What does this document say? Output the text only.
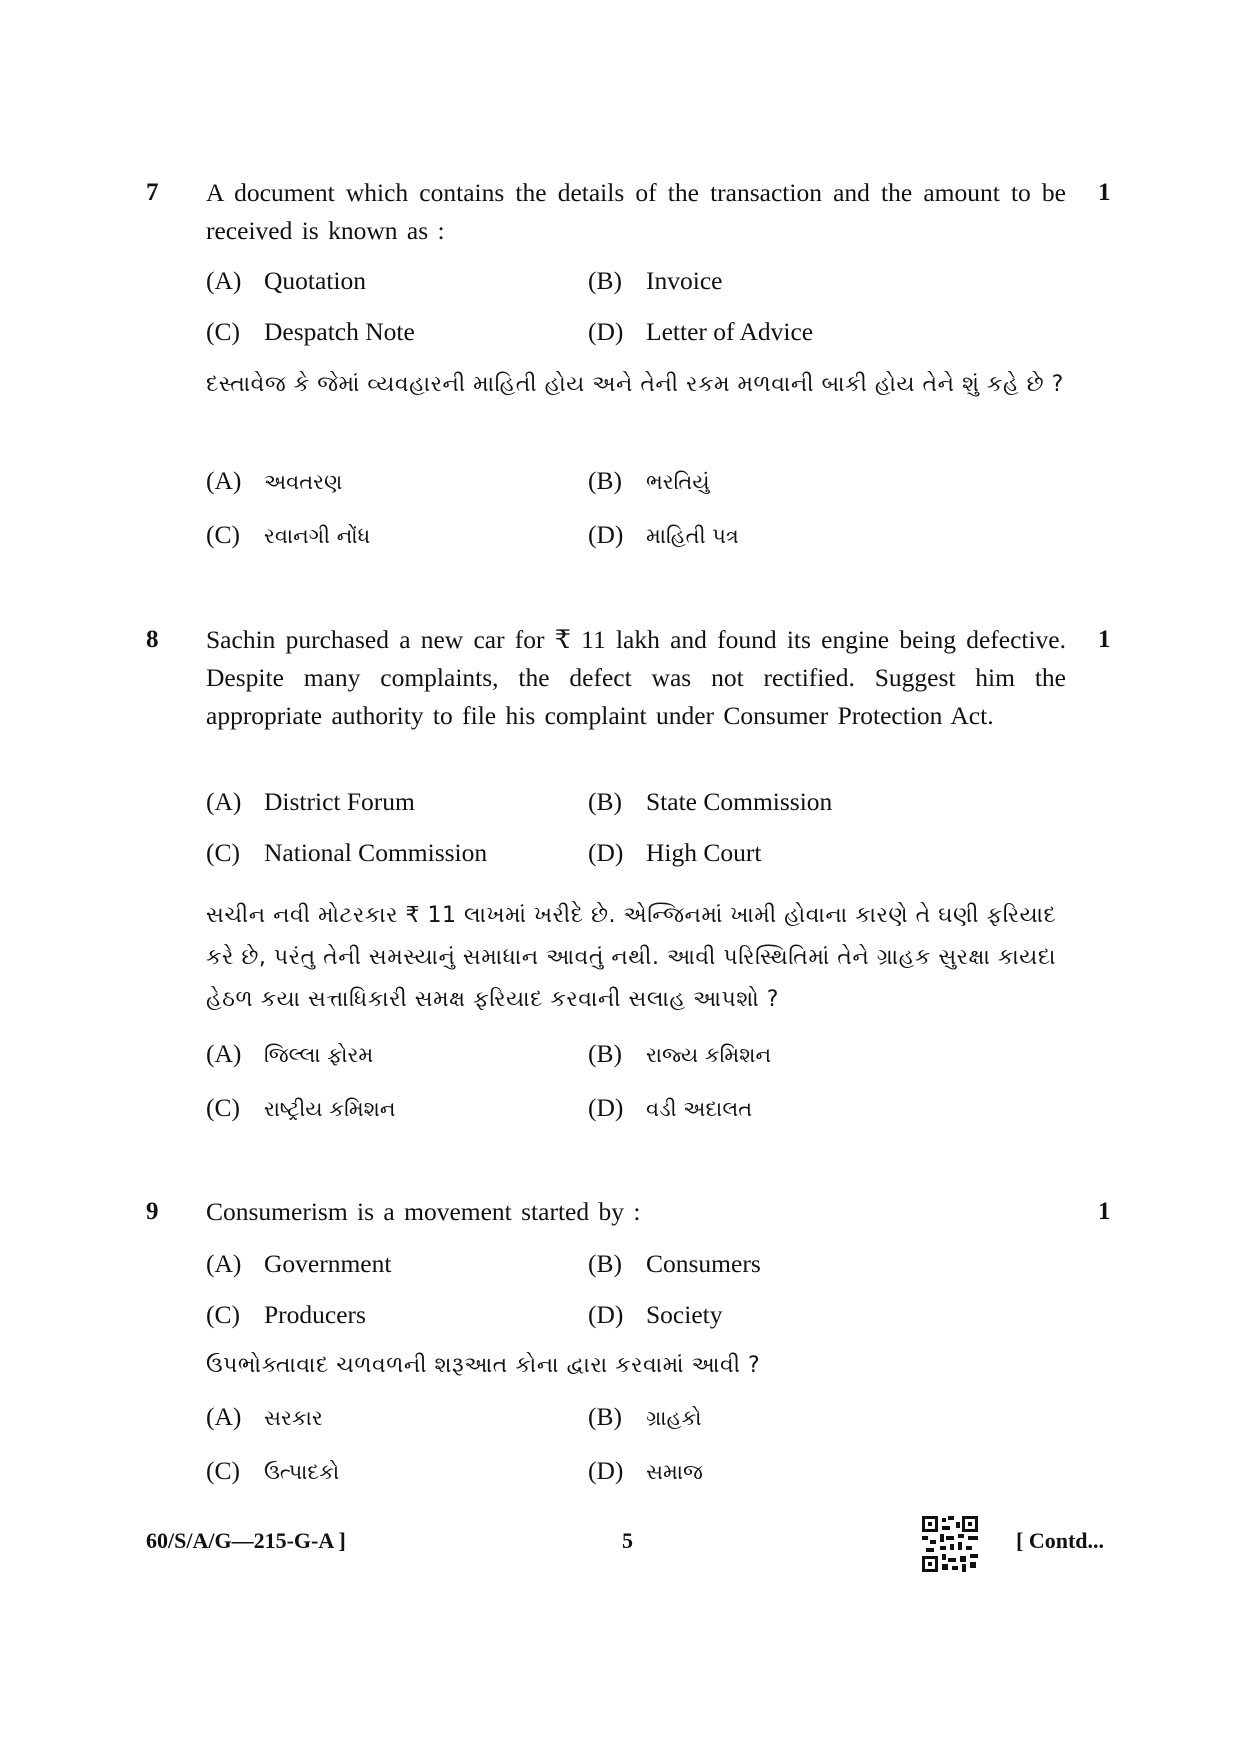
7 A document which contains the details of the transaction and the amount to be received is known as :
1
(A) Quotation	(B) Invoice
(C) Despatch Note	(D) Letter of Advice
દસ્તાવેજ કે જેમાં વ્યવહારની માહિતી હોય અને તેની રકમ મળવાની બાકી હોય તેને શું કહે છે ?
(A) અવતરણ	(B) ભરતિયું
(C) રવાનગી નોંધ	(D) માહિતી પત્ર
8 Sachin purchased a new car for ₹ 11 lakh and found its engine being defective. Despite many complaints, the defect was not rectified. Suggest him the appropriate authority to file his complaint under Consumer Protection Act.
1
(A) District Forum	(B) State Commission
(C) National Commission	(D) High Court
સચીન નવી મોટરકાર ₹ 11 લાખમાં ખરીદે છે. એન્જિનમાં ખામી હોવાના કારણે તે ઘણી ફરિયાદ કરે છે, પરંતુ તેની સમસ્યાનું સમાધાન આવતું નથી. આવી પરિસ્થિતિમાં તેને ગ્રાહક સુરક્ષા કાયદા હેઠળ કયા સત્તાધિકારી સમક્ષ ફરિયાદ કરવાની સલાહ આપશો ?
(A) જિલ્લા ફોરમ	(B) રાજ્ય કમિશન
(C) રાષ્ટ્રીય કમિશન	(D) વડી અદાલત
9 Consumerism is a movement started by :	1
(A) Government	(B) Consumers
(C) Producers	(D) Society
ઉપભોક્તાવાદ ચળવળની શરૂઆત કોના દ્વારા કરવામાં આવી ?
(A) સરકાર	(B) ગ્રાહકો
(C) ઉત્પાદકો	(D) સમાજ
60/S/A/G—215-G-A ]	5	[ Contd...
